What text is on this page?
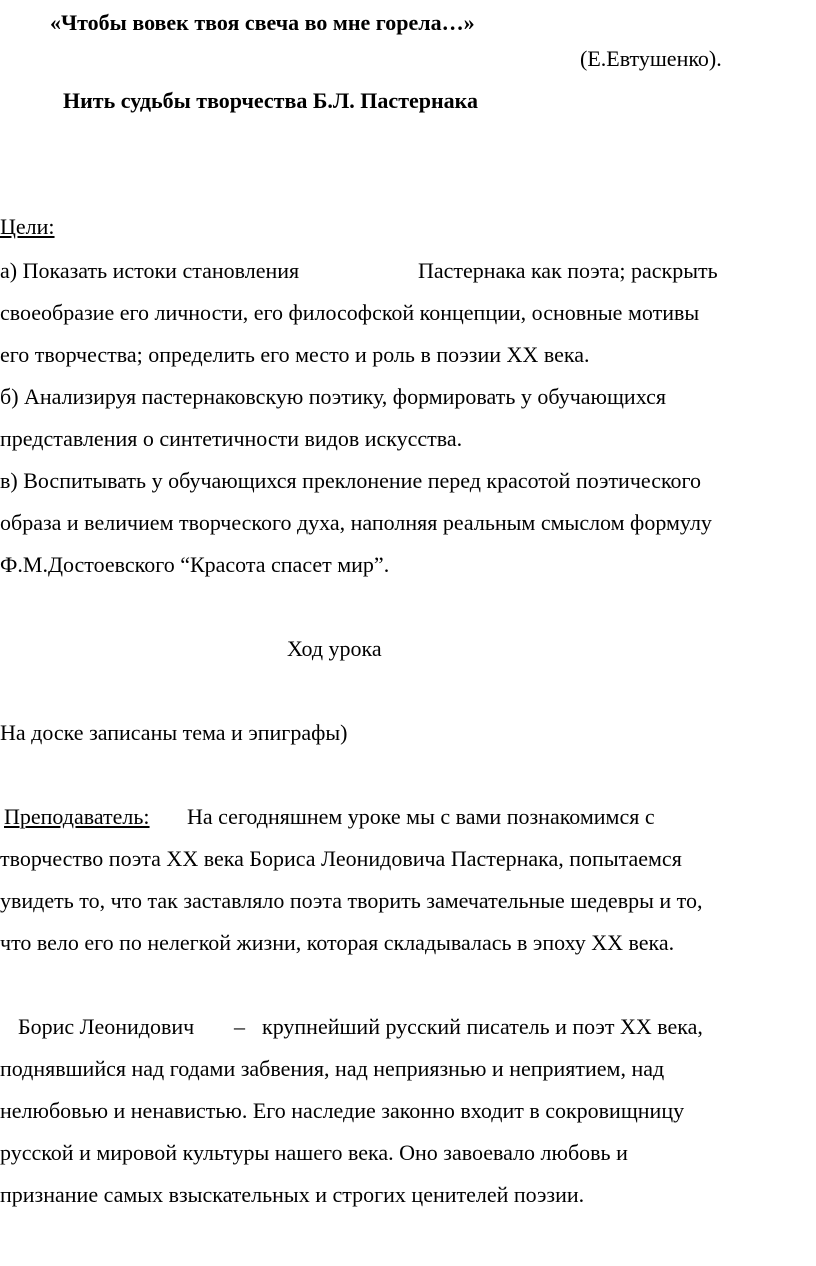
«Чтобы вовек твоя свеча во мне горела…»
(Е.Евтушенко).
Нить судьбы творчества Б.Л. Пастернака
Цели:
а) Показать истоки становления	Пастернака как поэта; раскрыть
своеобразие его личности, его философской концепции, основные мотивы
его творчества; определить его место и роль в поэзии XX века.
б) Анализируя пастернаковскую поэтику, формировать у обучающихся
представления о синтетичности видов искусства.
в) Воспитывать у обучающихся преклонение перед красотой поэтического
образа и величием творческого духа, наполняя реальным смыслом формулу
Ф.М.Достоевского “Красота спасет мир”.
Ход урока
На доске записаны тема и эпиграфы)
Преподаватель: На сегодняшнем уроке мы с вами познакомимся с
творчество поэта XX века Бориса Леонидовича Пастернака, попытаемся
увидеть то, что так заставляло поэта творить замечательные шедевры и то,
что вело его по нелегкой жизни, которая складывалась в эпоху XX века.
Борис Леонидович – крупнейший русский писатель и поэт XX века,
поднявшийся над годами забвения, над неприязнью и неприятием, над
нелюбовью и ненавистью. Его наследие законно входит в сокровищницу
русской и мировой культуры нашего века. Оно завоевало любовь и
признание самых взыскательных и строгих ценителей поэзии.
